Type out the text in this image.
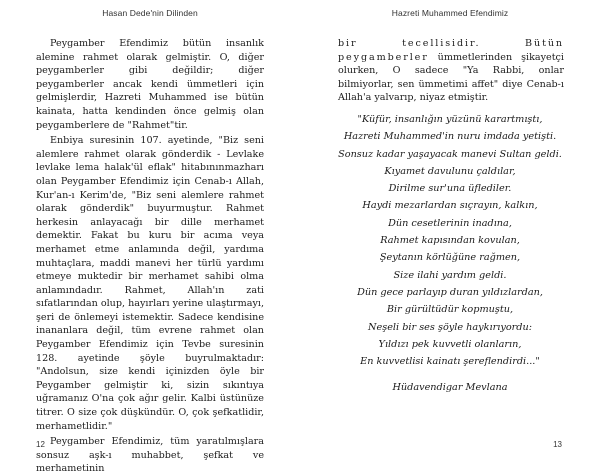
Hasan Dede'nin Dilinden

Peygamber Efendimiz bütün insanlık alemine rahmet olarak gelmiştir. O, diğer peygamberler gibi değildir; diğer peygamberler ancak kendi ümmetleri için gelmişlerdir, Hazreti Muhammed ise bütün kainata, hatta kendinden önce gelmiş olan peygamberlere de "Rahmet"tir.

Enbiya suresinin 107. ayetinde, "Biz seni alemlere rahmet olarak gönderdik - Levlake levlake lema halak'ül eflak" hitabınınmazharı olan Peygamber Efendimiz için Cenab-ı Allah, Kur'an-ı Kerim'de, "Biz seni alemlere rahmet olarak gönderdik" buyurmuştur. Rahmet herkesin anlayacağı bir dille merhamet demektir. Fakat bu kuru bir acıma veya merhamet etme anlamında değil, yardıma muhtaçlara, maddi manevi her türlü yardımı etmeye muktedir bir merhamet sahibi olma anlamındadır. Rahmet, Allah'ın zati sıfatlarından olup, hayırları yerine ulaştırmayı, şeri de önlemeyi istemektir. Sadece kendisine inananlara değil, tüm evrene rahmet olan Peygamber Efendimiz için Tevbe suresinin 128. ayetinde şöyle buyrulmaktadır: "Andolsun, size kendi içinizden öyle bir Peygamber gelmiştir ki, sizin sıkıntıya uğramanız O'na çok ağır gelir. Kalbi üstünüze titrer. O size çok düşkündür. O, çok şefkatlidir, merhametlidir."

Peygamber Efendimiz, tüm yaratılmışlara sonsuz aşk-ı muhabbet, şefkat ve merhametinin

12
Hazreti Muhammed Efendimiz

bir tecellisidir. Bütün peygamberler ümmetlerinden şikayetçi olurken, O sadece "Ya Rabbi, onlar bilmiyorlar, sen ümmetimi affet" diye Cenab-ı Allah'a yalvarıp, niyaz etmiştir.

"Küfür, insanlığın yüzünü karartmıştı,
Hazreti Muhammed'in nuru imdada yetişti.
Sonsuz kadar yaşayacak manevi Sultan geldi.
Kıyamet davulunu çaldılar,
Dirilme sur'una üflediler.
Haydi mezarlardan sıçrayın, kalkın,
Dün cesetlerinin inadına,
Rahmet kapısından kovulan,
Şeytanın körlüğüne rağmen,
Size ilahi yardım geldi.
Dün gece parlayıp duran yıldızlardan,
Bir gürültüdür kopmuştu,
Neşeli bir ses şöyle haykırıyordu:
Yıldızı pek kuvvetli olanların,
En kuvvetlisi kainatı şereflendirdi..."
Hüdavendigar Mevlana
13
